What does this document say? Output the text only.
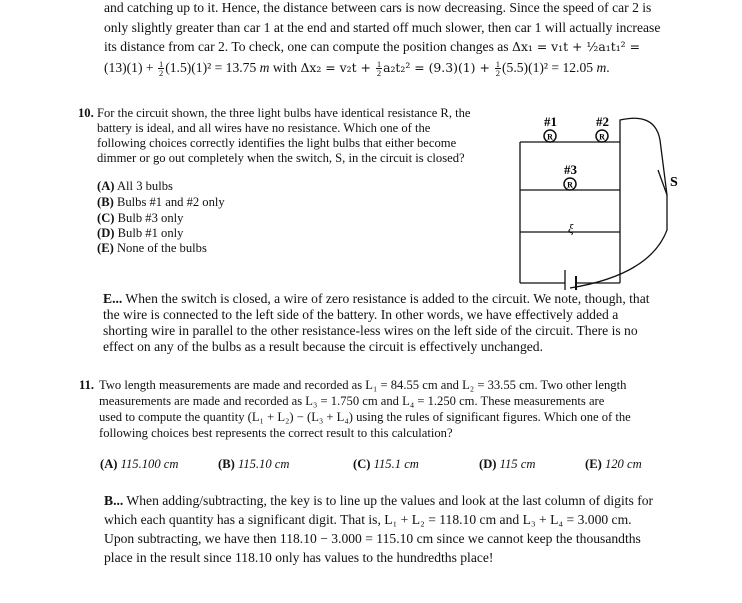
and catching up to it. Hence, the distance between cars is now decreasing. Since the speed of car 2 is
only slightly greater than car 1 at the end and started off much slower, then car 1 will actually increase
its distance from car 2. To check, one can compute the position changes as Δx₁ = v₁t + ½a₁t₁² =
$(13)(1) + \frac{1}{2} (1.5)(1)^2 = 13.75$ m with $\Delta x_2 = v_2t + \frac{1}{2} a_2t_2^2 = (9.3)(1) + \frac{1}{2} (5.5)(1)^2 = 12.05$ m.
10. For the circuit shown, the three light bulbs have identical resistance R, the
battery is ideal, and all wires have no resistance. Which one of the
following choices correctly identifies the light bulbs that either become
dimmer or go out completely when the switch, S, in the circuit is closed?
(A) All 3 bulbs
(B) Bulbs #1 and #2 only
(C) Bulb #3 only
(D) Bulb #1 only
(E) None of the bulbs
R	R
R
#1	#2
#3
S
ξ
E... When the switch is closed, a wire of zero resistance is added to the circuit. We note, though, that
the wire is connected to the left side of the battery. In other words, we have effectively added a
shorting wire in parallel to the other resistance-less wires on the left side of the circuit. There is no
effect on any of the bulbs as a result because the circuit is effectively unchanged.
11. Two length measurements are made and recorded as L₁ = 84.55 cm and L₂ = 33.55 cm. Two other length
measurements are made and recorded as L₃ = 1.750 cm and L₄ = 1.250 cm. These measurements are
used to compute the quantity (L₁ + L₂) − (L₃ + L₄) using the rules of significant figures. Which one of the
following choices best represents the correct result to this calculation?
(A) 115.100 cm	(B) 115.10 cm	(C) 115.1 cm	(D) 115 cm	(E) 120 cm
B... When adding/subtracting, the key is to line up the values and look at the last column of digits for
which each quantity has a significant digit. That is, L₁ + L₂ = 118.10 cm and L₃ + L₄ = 3.000 cm.
Upon subtracting, we have then 118.10 − 3.000 = 115.10 cm since we cannot keep the thousandths
place in the result since 118.10 only has values to the hundredths place!
